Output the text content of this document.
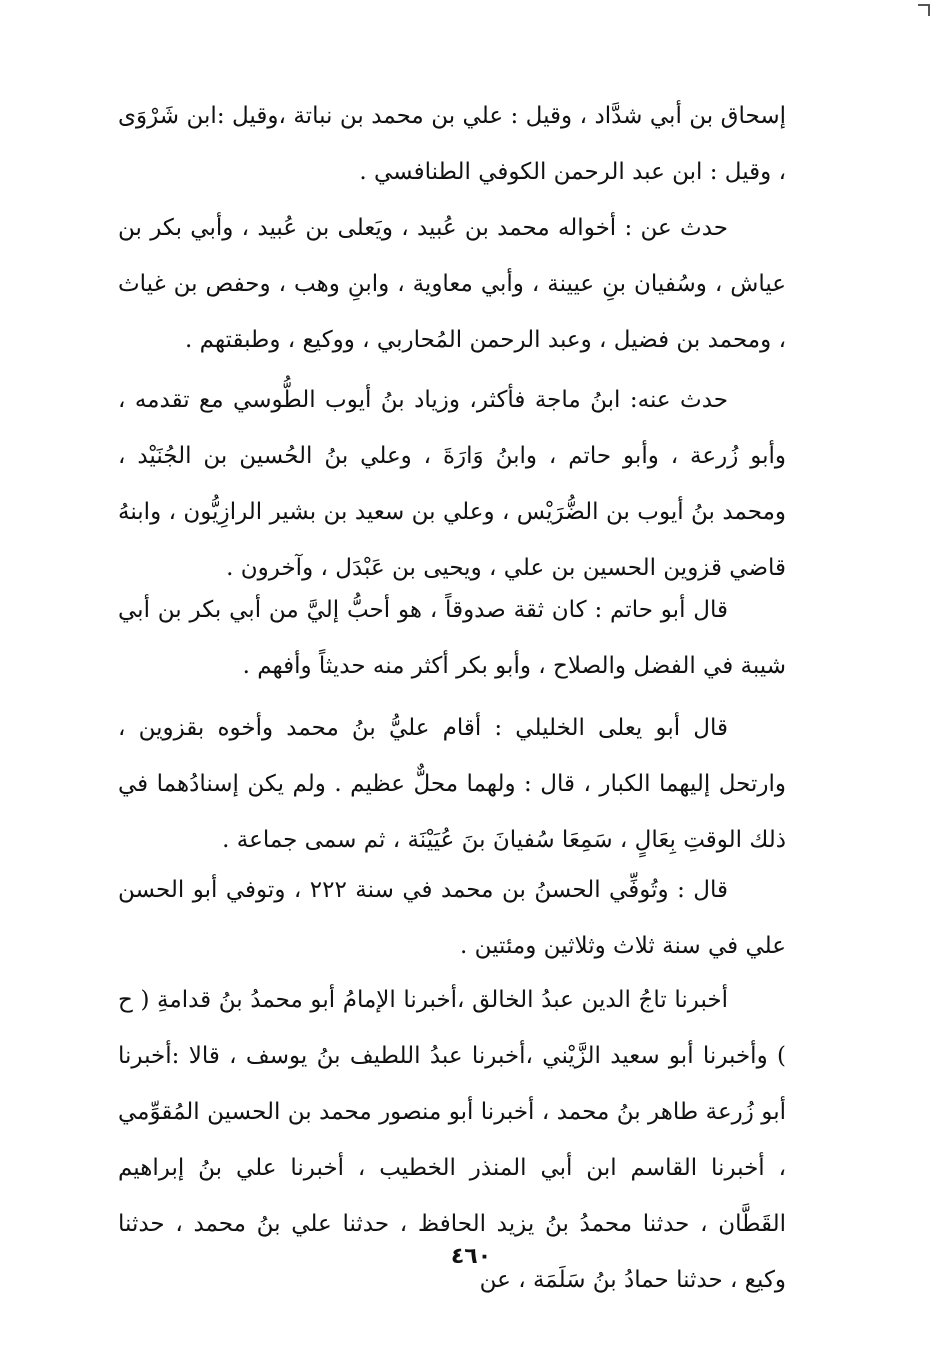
إسحاق بن أبي شدَّاد ، وقيل : علي بن محمد بن نباتة ،وقيل :ابن شَرْوَى ، وقيل : ابن عبد الرحمن الكوفي الطنافسي .

حدث عن : أخواله محمد بن عُبيد ، ويَعلى بن عُبيد ، وأبي بكر بن عياش ، وسُفيان بنِ عيينة ، وأبي معاوية ، وابنِ وهب ، وحفص بن غياث ، ومحمد بن فضيل ، وعبد الرحمن المُحاربي ، ووكيع ، وطبقتهم .

حدث عنه: ابنُ ماجة فأكثر، وزياد بنُ أيوب الطُّوسي مع تقدمه ، وأبو زُرعة ، وأبو حاتم ، وابنُ وَارَةَ ، وعلي بنُ الحُسين بن الجُنَيْد ، ومحمد بنُ أيوب بن الضُّرَيْس ، وعلي بن سعيد بن بشير الرازِيُّون ، وابنهُ قاضي قزوين الحسين بن علي ، ويحيى بن عَبْدَل ، وآخرون .

قال أبو حاتم : كان ثقة صدوقاً ، هو أحبُّ إليَّ من أبي بكر بن أبي شيبة في الفضل والصلاح ، وأبو بكر أكثر منه حديثاً وأفهم .

قال أبو يعلى الخليلي : أقام عليُّ بنُ محمد وأخوه بقزوين ، وارتحل إليهما الكبار ، قال : ولهما محلٌّ عظيم . ولم يكن إسنادُهما في ذلك الوقتِ بِعَالٍ ، سَمِعَا سُفيانَ بنَ عُيَيْنَة ، ثم سمى جماعة .

قال : وتُوفِّي الحسنُ بن محمد في سنة ٢٢٢ ، وتوفي أبو الحسن علي في سنة ثلاث وثلاثين ومئتين .

أخبرنا تاجُ الدين عبدُ الخالق ،أخبرنا الإمامُ أبو محمدُ بنُ قدامةِ ( ح ) وأخبرنا أبو سعيد الزَّيْني ،أخبرنا عبدُ اللطيف بنُ يوسف ، قالا :أخبرنا أبو زُرعة طاهر بنُ محمد ، أخبرنا أبو منصور محمد بن الحسين المُقوِّمي ، أخبرنا القاسم ابن أبي المنذر الخطيب ، أخبرنا علي بنُ إبراهيم القَطَّان ، حدثنا محمدُ بنُ يزيد الحافظ ، حدثنا علي بنُ محمد ، حدثنا وكيع ، حدثنا حمادُ بنُ سَلَمَة ، عن

٤٦٠
